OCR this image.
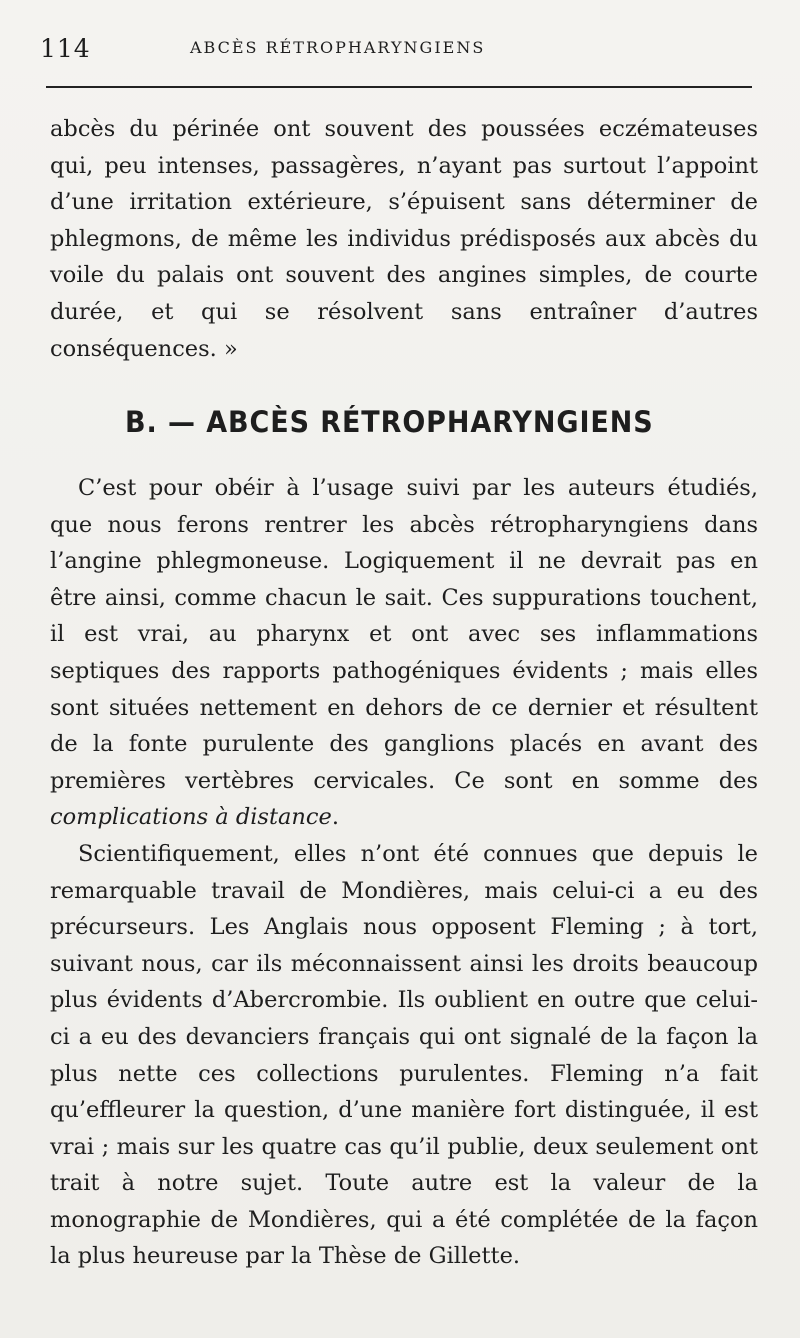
114	ABCÈS RÉTROPHARYNGIENS
abcès du périnée ont souvent des poussées eczémateuses qui, peu intenses, passagères, n’ayant pas surtout l’appoint d’une irritation extérieure, s’épuisent sans déterminer de phlegmons, de même les individus prédisposés aux abcès du voile du palais ont souvent des angines simples, de courte durée, et qui se résolvent sans entraîner d’autres conséquences. »
B. — ABCÈS RÉTROPHARYNGIENS
C’est pour obéir à l’usage suivi par les auteurs étudiés, que nous ferons rentrer les abcès rétropharyngiens dans l’angine phlegmoneuse. Logiquement il ne devrait pas en être ainsi, comme chacun le sait. Ces suppurations touchent, il est vrai, au pharynx et ont avec ses inflammations septiques des rapports pathogéniques évidents ; mais elles sont situées nettement en dehors de ce dernier et résultent de la fonte purulente des ganglions placés en avant des premières vertèbres cervicales. Ce sont en somme des complications à distance.
Scientifiquement, elles n’ont été connues que depuis le remarquable travail de Mondières, mais celui-ci a eu des précurseurs. Les Anglais nous opposent Fleming ; à tort, suivant nous, car ils méconnaissent ainsi les droits beaucoup plus évidents d’Abercrombie. Ils oublient en outre que celui-ci a eu des devanciers français qui ont signalé de la façon la plus nette ces collections purulentes. Fleming n’a fait qu’effleurer la question, d’une manière fort distinguée, il est vrai ; mais sur les quatre cas qu’il publie, deux seulement ont trait à notre sujet. Toute autre est la valeur de la monographie de Mondières, qui a été complétée de la façon la plus heureuse par la Thèse de Gillette.
